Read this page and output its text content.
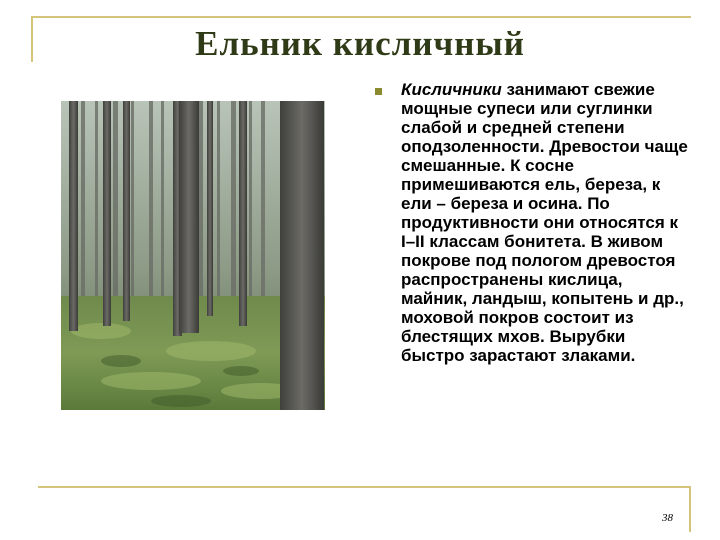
Ельник кисличный
Кисличники занимают свежие мощные супеси или суглинки слабой и средней степени оподзоленности. Древостои чаще смешанные. К сосне примешиваются ель, береза, к ели – береза и осина. По продуктивности они относятся к I–II классам бонитета. В живом покрове под пологом древостоя распространены кислица, майник, ландыш, копытень и др., моховой покров состоит из блестящих мхов. Вырубки быстро зарастают злаками.
38
